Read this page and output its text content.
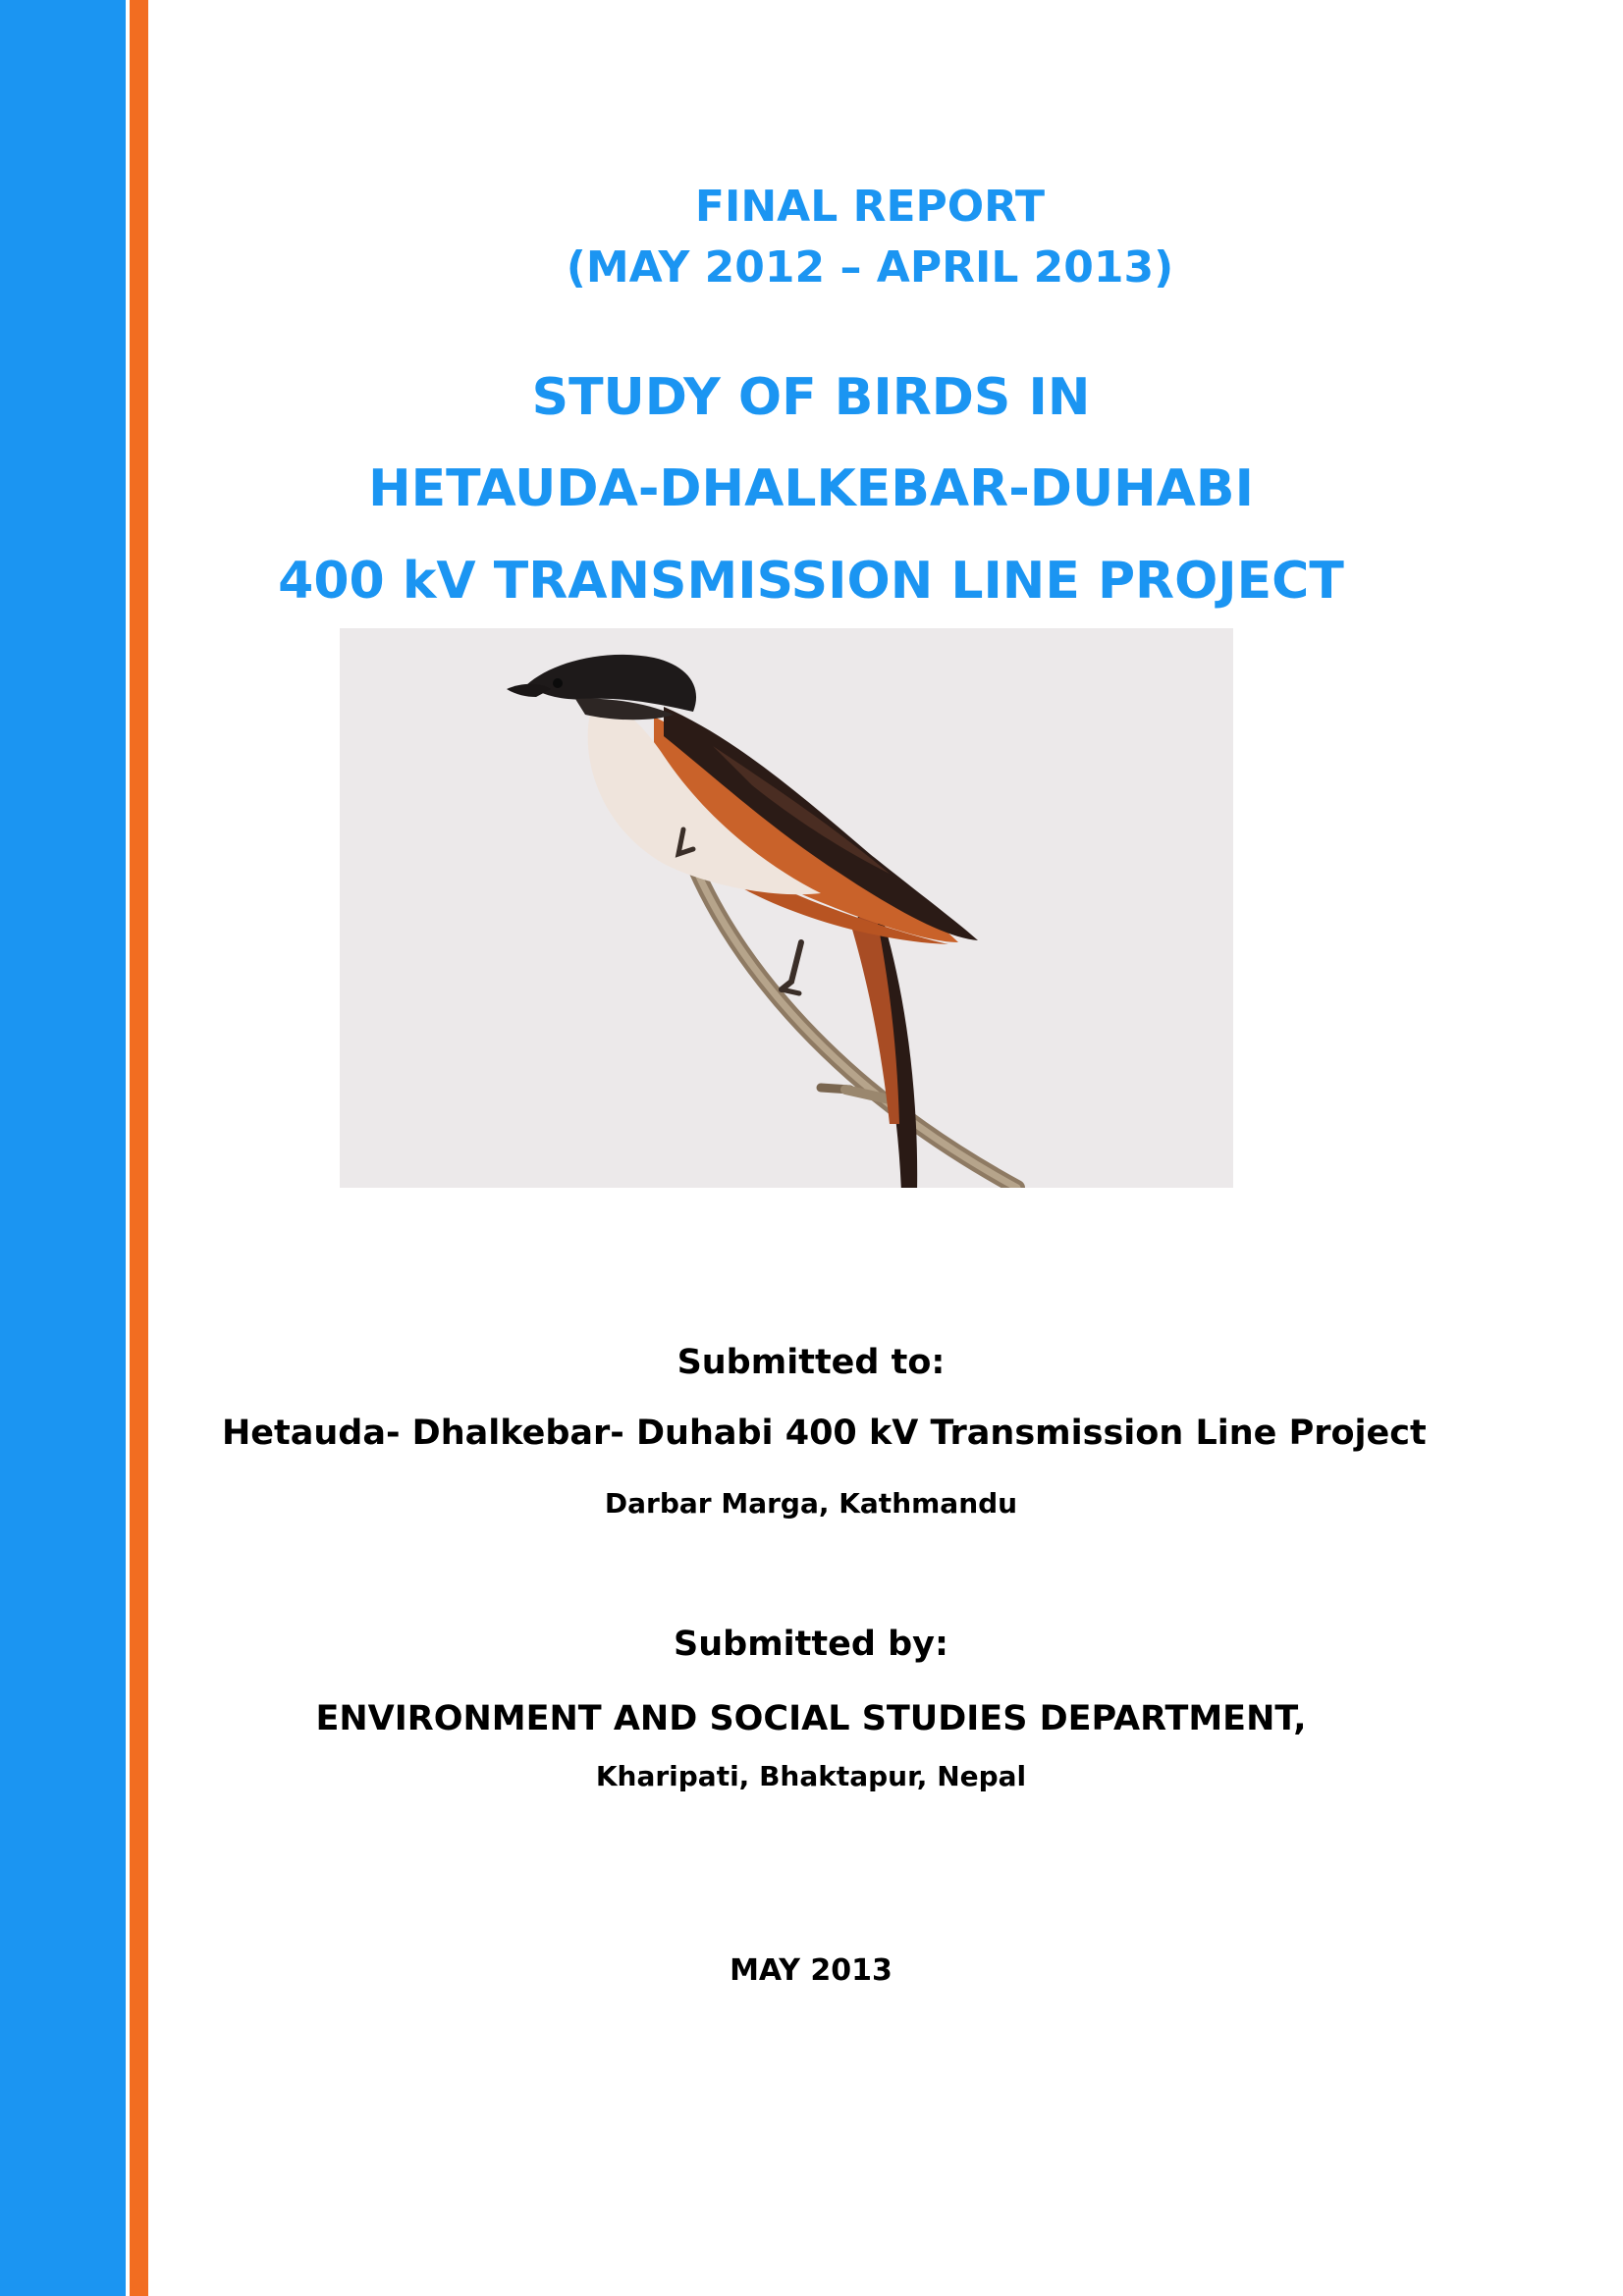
FINAL REPORT
(MAY 2012 – APRIL 2013)
STUDY OF BIRDS IN
HETAUDA-DHALKEBAR-DUHABI
400 kV TRANSMISSION LINE PROJECT
Submitted to:
Hetauda- Dhalkebar- Duhabi 400 kV Transmission Line Project
Darbar Marga, Kathmandu
Submitted by:
ENVIRONMENT AND SOCIAL STUDIES DEPARTMENT,
Kharipati, Bhaktapur, Nepal
MAY 2013
